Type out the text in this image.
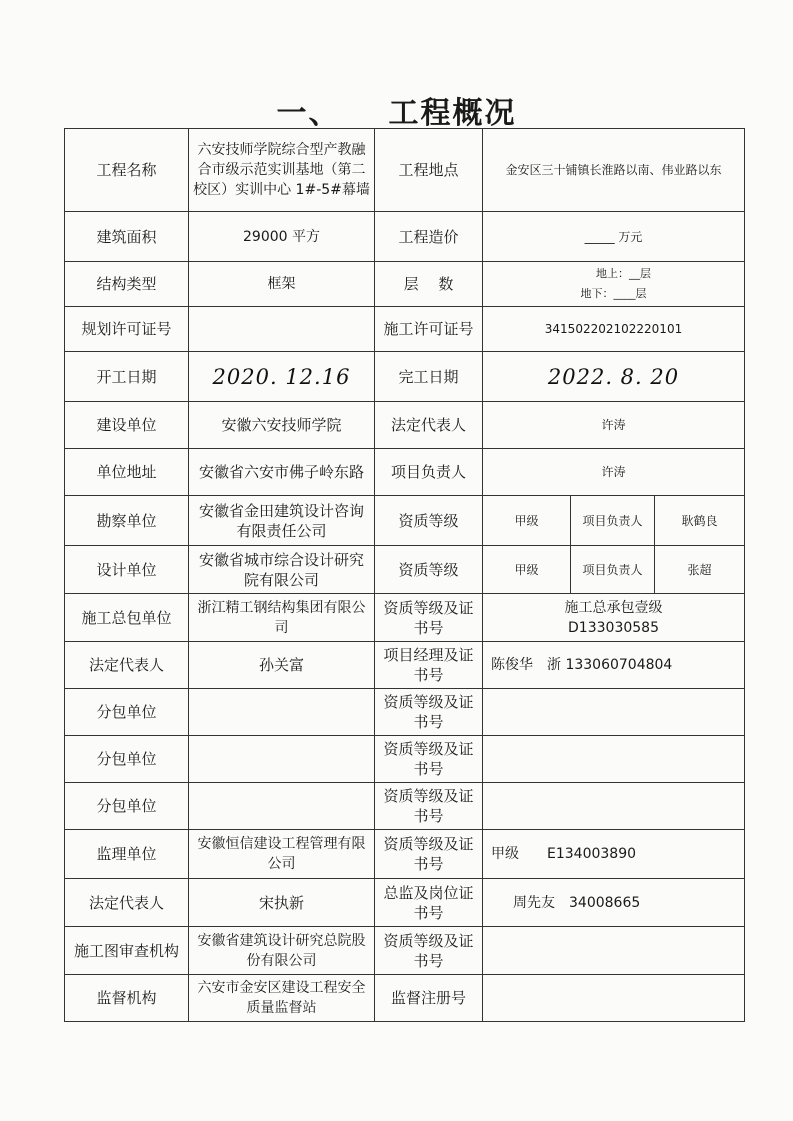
一、 工程概况
工程名称	六安技师学院综合型产教融合市级示范实训基地（第二校区）实训中心 1#-5#幕墙	工程地点	金安区三十铺镇长淮路以南、伟业路以东		
建筑面积	29000 平方	工程造价	_____ 万元		
结构类型	框架	层　 数	地上：__层
地下：____层		

规划许可证号		施工许可证号	341502202102220101		
开工日期	2020. 12.16	完工日期	2022. 8. 20		
建设单位	安徽六安技师学院	法定代表人	许涛		
单位地址	安徽省六安市佛子岭东路	项目负责人	许涛		
勘察单位	安徽省金田建筑设计咨询有限责任公司	资质等级	甲级	项目负责人	耿鹤良
设计单位	安徽省城市综合设计研究院有限公司	资质等级	甲级	项目负责人	张超
施工总包单位	浙江精工钢结构集团有限公司	资质等级及证书号	施工总承包壹级
D133030585		

法定代表人	孙关富	项目经理及证书号	陈俊华　浙 133060704804		
分包单位		资质等级及证书号			
分包单位		资质等级及证书号			
分包单位		资质等级及证书号			
监理单位	安徽恒信建设工程管理有限公司	资质等级及证书号	甲级　　E134003890		
法定代表人	宋执新	总监及岗位证书号	周先友　34008665		
施工图审查机构	安徽省建筑设计研究总院股份有限公司	资质等级及证书号			
监督机构	六安市金安区建设工程安全质量监督站	监督注册号			
